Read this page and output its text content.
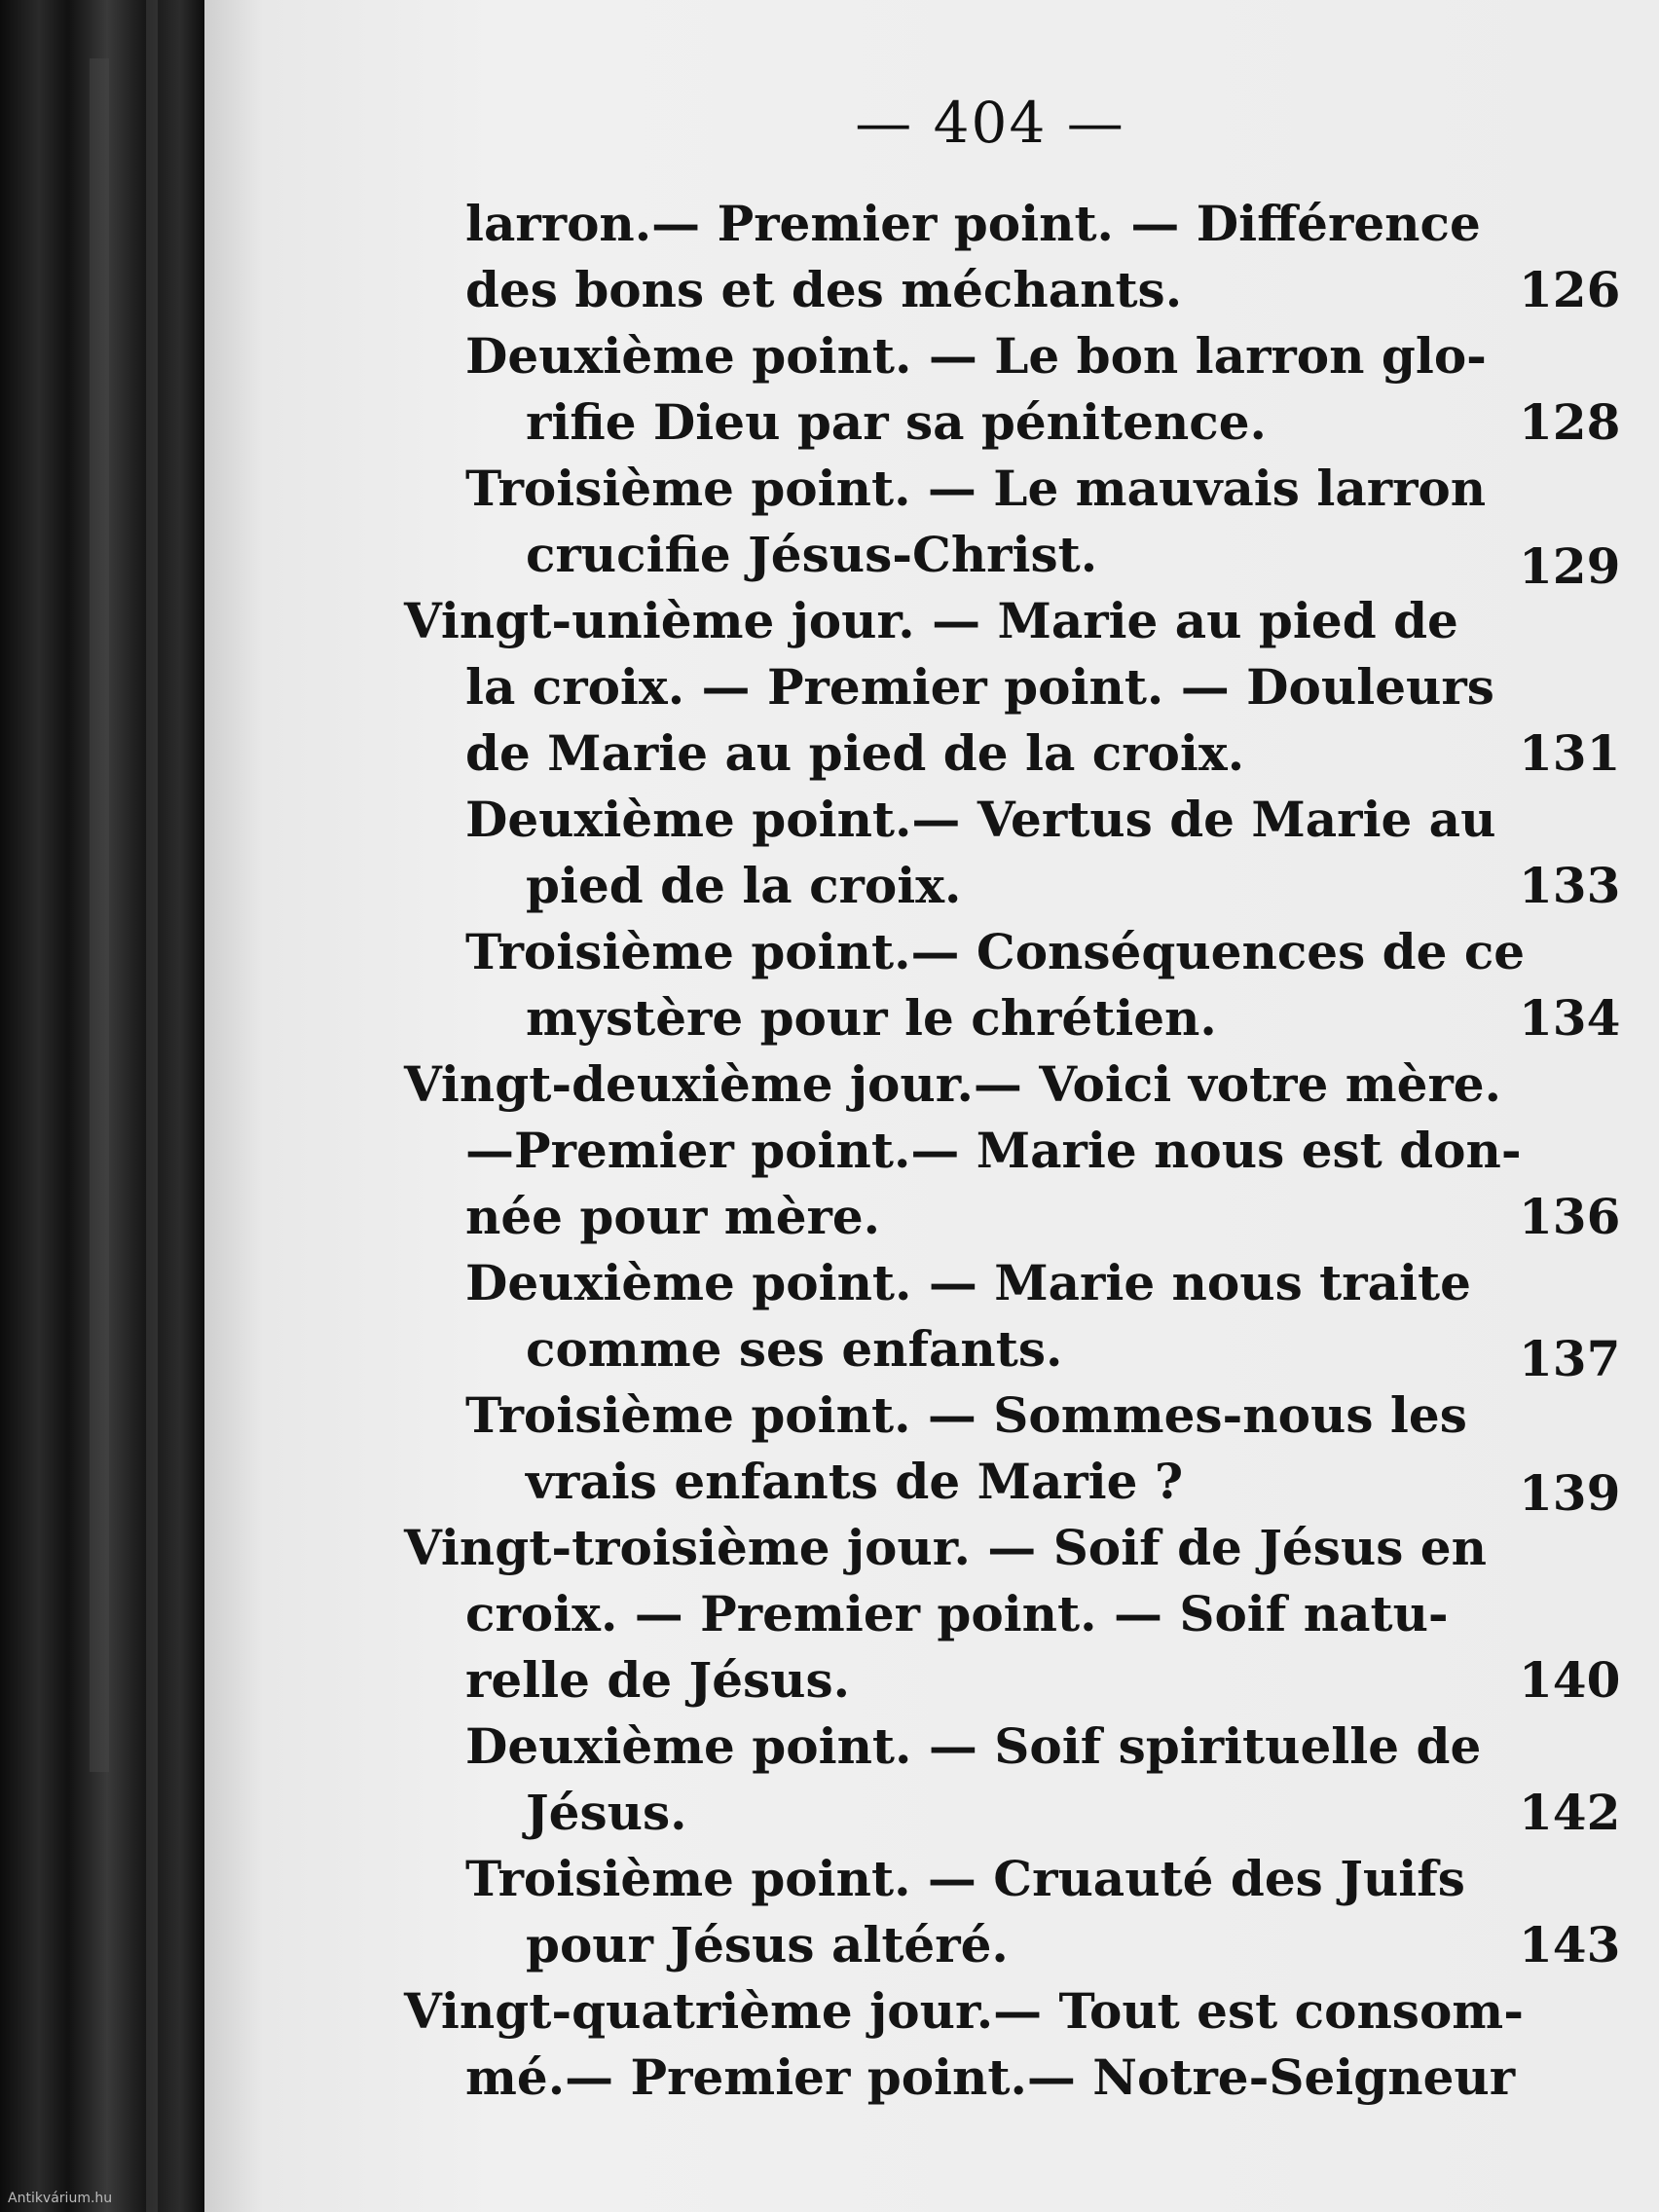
— 404 —
larron.— Premier point. — Différence
des bons et des méchants.	126
Deuxième point. — Le bon larron glo-
rifie Dieu par sa pénitence.	128
Troisième point. — Le mauvais larron
crucifie Jésus-Christ.	129
Vingt-unième jour. — Marie au pied de
la croix. — Premier point. — Douleurs
de Marie au pied de la croix.	131
Deuxième point.— Vertus de Marie au
pied de la croix.	133
Troisième point.— Conséquences de ce
mystère pour le chrétien.	134
Vingt-deuxième jour.— Voici votre mère.
—Premier point.— Marie nous est don-
née pour mère.	136
Deuxième point. — Marie nous traite
comme ses enfants.	137
Troisième point. — Sommes-nous les
vrais enfants de Marie ?	139
Vingt-troisième jour. — Soif de Jésus en
croix. — Premier point. — Soif natu-
relle de Jésus.	140
Deuxième point. — Soif spirituelle de
Jésus.	142
Troisième point. — Cruauté des Juifs
pour Jésus altéré.	143
Vingt-quatrième jour.— Tout est consom-
mé.— Premier point.— Notre-Seigneur
Antikvárium.hu
